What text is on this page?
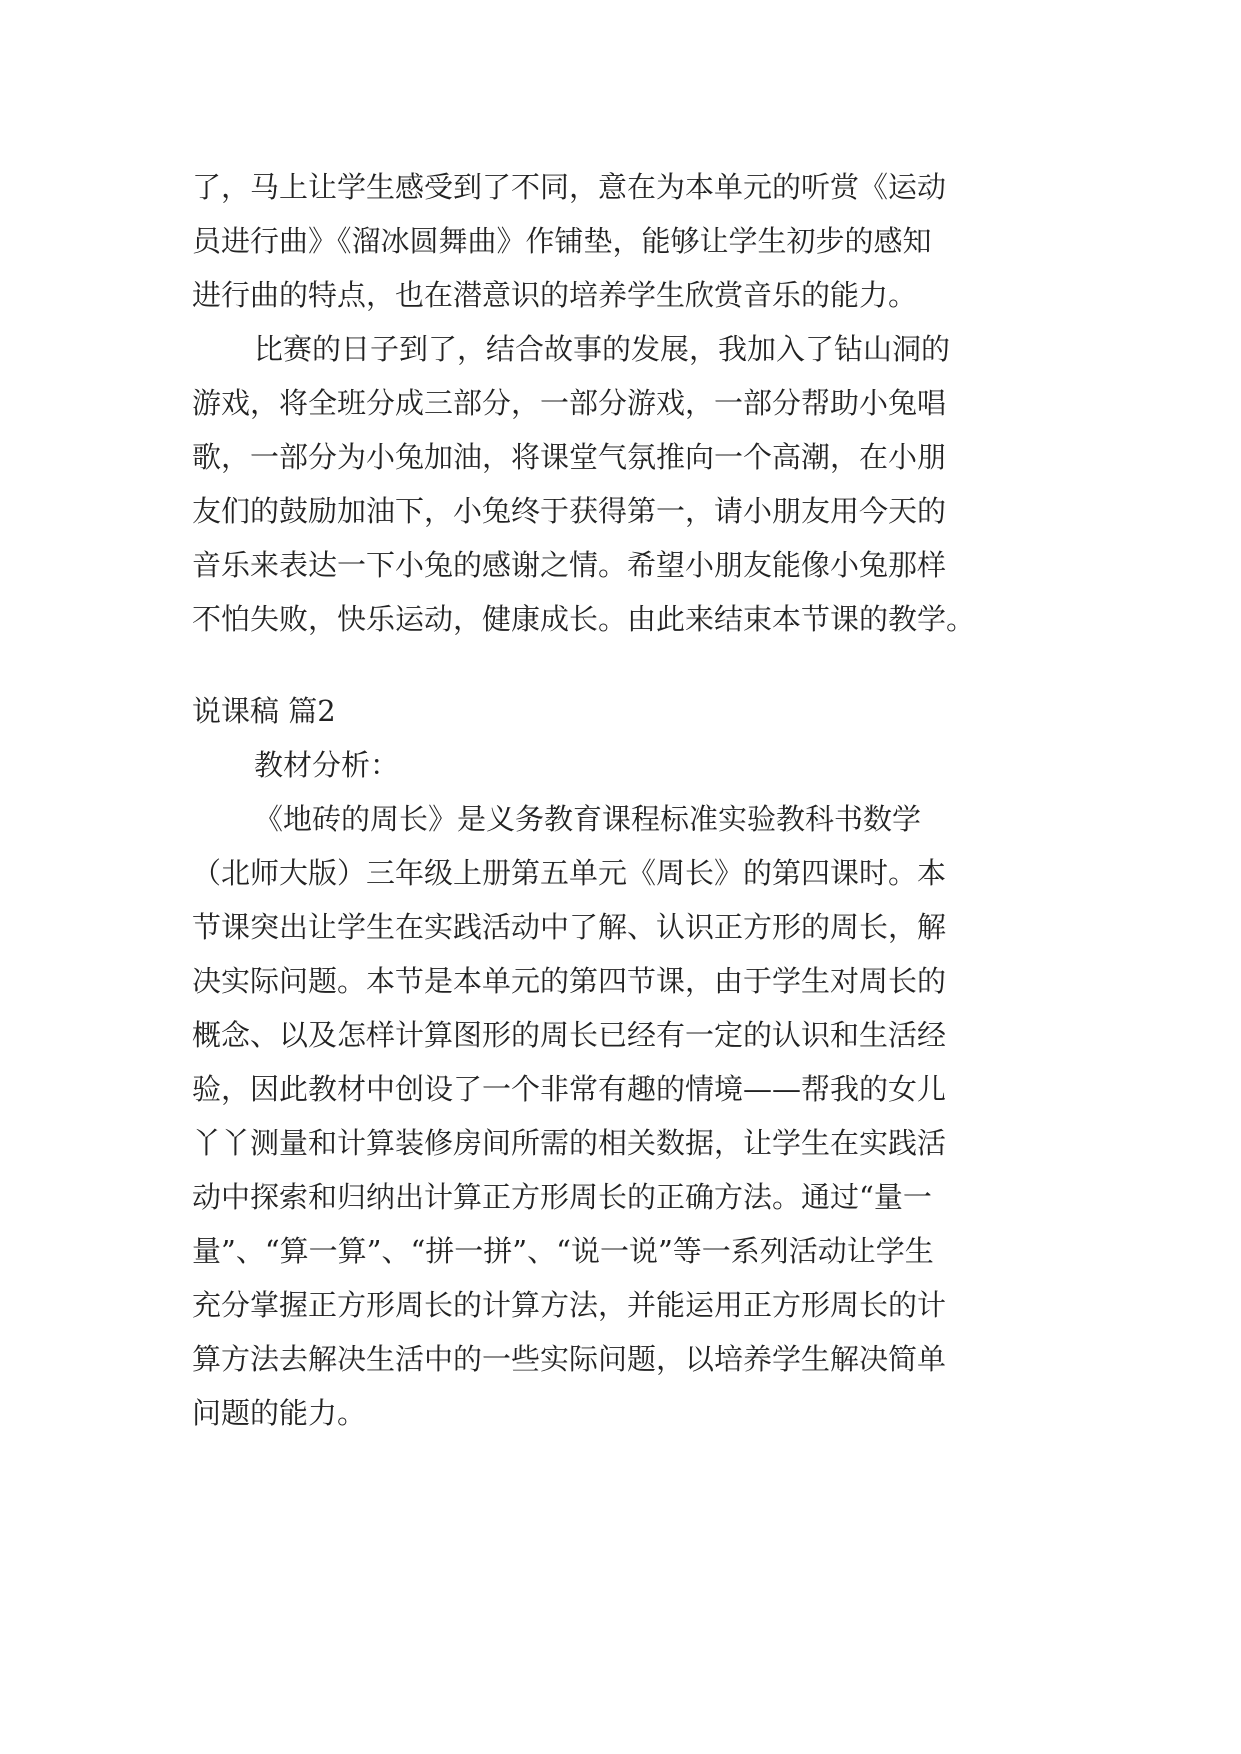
了，马上让学生感受到了不同，意在为本单元的听赏《运动

员进行曲》《溜冰圆舞曲》作铺垫，能够让学生初步的感知

进行曲的特点，也在潜意识的培养学生欣赏音乐的能力。

比赛的日子到了，结合故事的发展，我加入了钻山洞的

游戏，将全班分成三部分，一部分游戏，一部分帮助小兔唱

歌，一部分为小兔加油，将课堂气氛推向一个高潮，在小朋

友们的鼓励加油下，小兔终于获得第一，请小朋友用今天的

音乐来表达一下小兔的感谢之情。希望小朋友能像小兔那样

不怕失败，快乐运动，健康成长。由此来结束本节课的教学。

说课稿 篇2

教材分析：

《地砖的周长》是义务教育课程标准实验教科书数学

（北师大版）三年级上册第五单元《周长》的第四课时。本

节课突出让学生在实践活动中了解、认识正方形的周长，解

决实际问题。本节是本单元的第四节课，由于学生对周长的

概念、以及怎样计算图形的周长已经有一定的认识和生活经

验，因此教材中创设了一个非常有趣的情境——帮我的女儿

丫丫测量和计算装修房间所需的相关数据，让学生在实践活

动中探索和归纳出计算正方形周长的正确方法。通过“量一

量”、“算一算”、“拼一拼”、“说一说”等一系列活动让学生

充分掌握正方形周长的计算方法，并能运用正方形周长的计

算方法去解决生活中的一些实际问题，以培养学生解决简单

问题的能力。
